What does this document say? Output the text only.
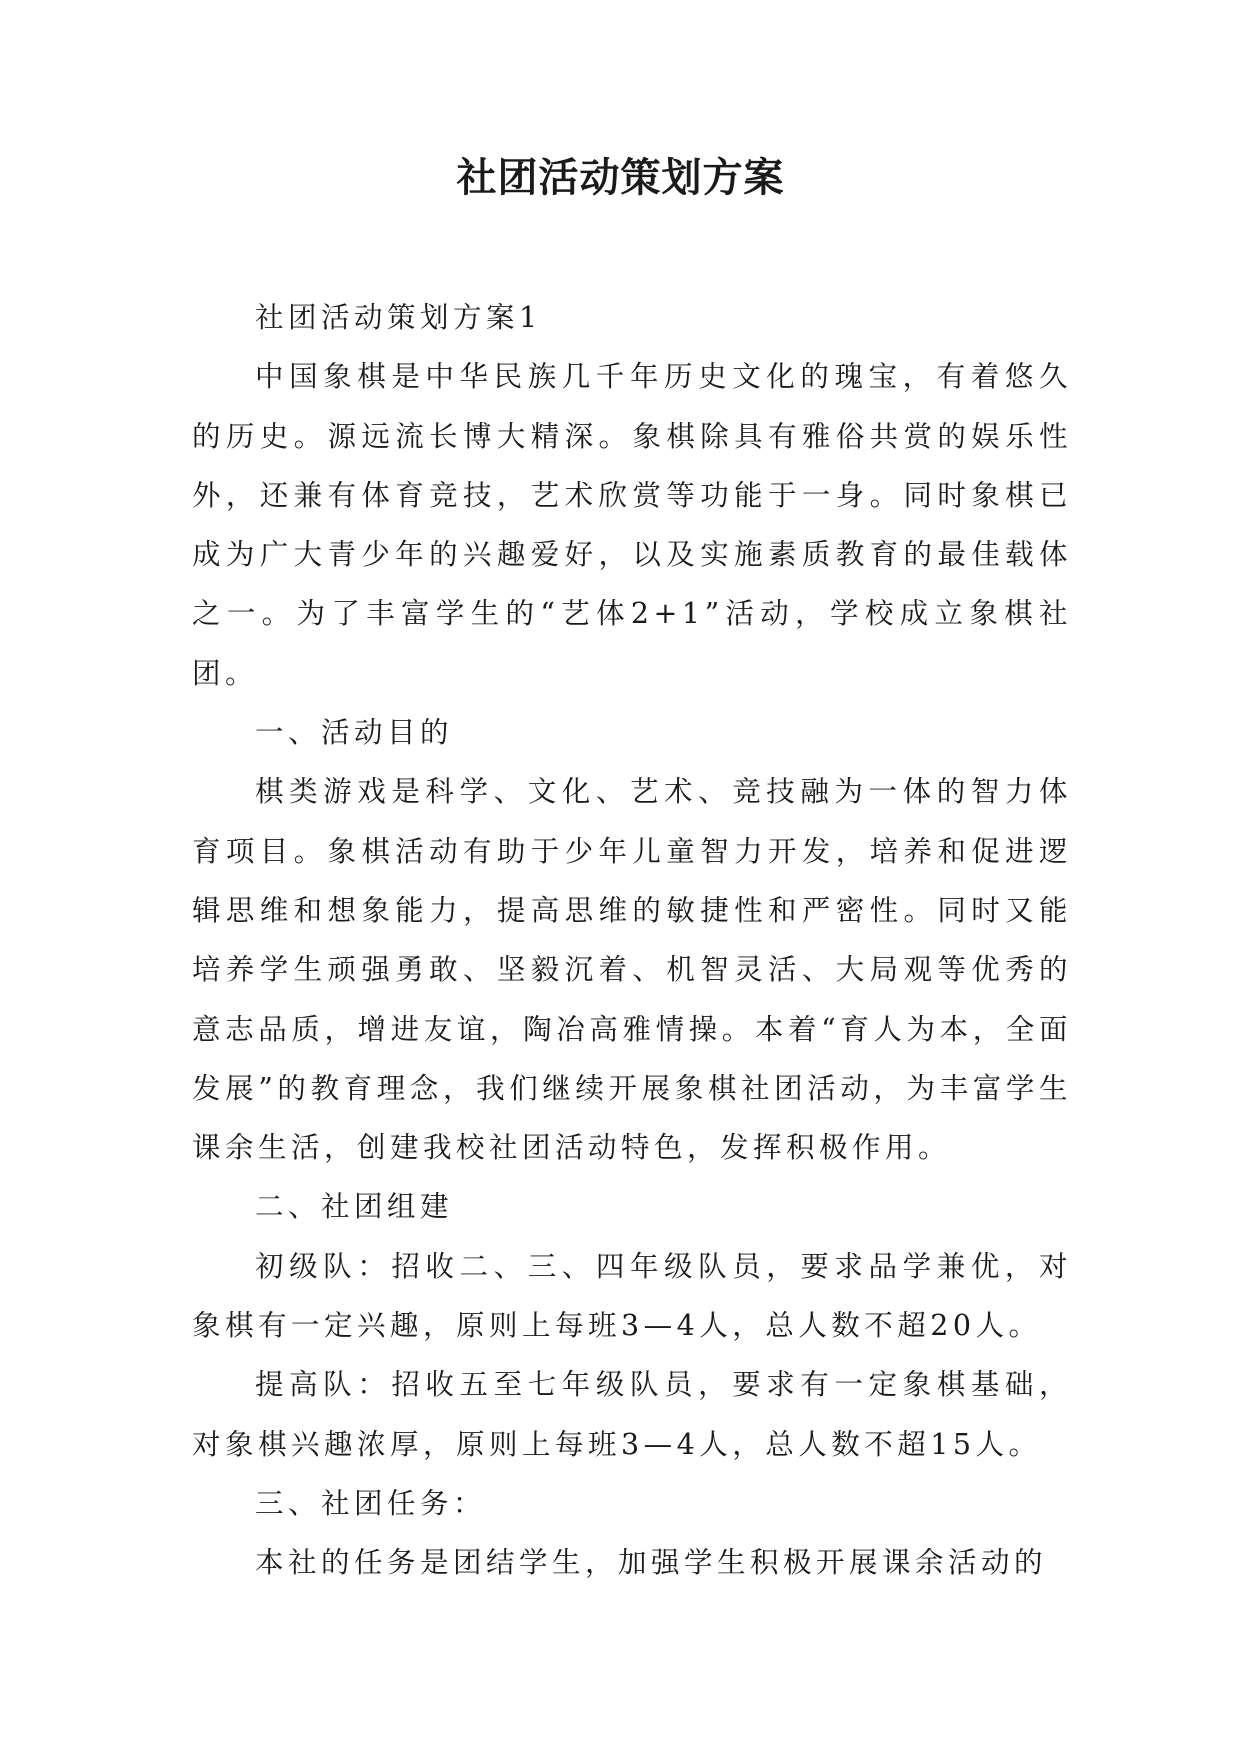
社团活动策划方案

社团活动策划方案1

中国象棋是中华民族几千年历史文化的瑰宝，有着悠久的历史。源远流长博大精深。象棋除具有雅俗共赏的娱乐性外，还兼有体育竞技，艺术欣赏等功能于一身。同时象棋已成为广大青少年的兴趣爱好，以及实施素质教育的最佳载体之一。为了丰富学生的“艺体2+1”活动，学校成立象棋社团。

一、活动目的

棋类游戏是科学、文化、艺术、竞技融为一体的智力体育项目。象棋活动有助于少年儿童智力开发，培养和促进逻辑思维和想象能力，提高思维的敏捷性和严密性。同时又能培养学生顽强勇敢、坚毅沉着、机智灵活、大局观等优秀的意志品质，增进友谊，陶冶高雅情操。本着“育人为本，全面发展”的教育理念，我们继续开展象棋社团活动，为丰富学生课余生活，创建我校社团活动特色，发挥积极作用。

二、社团组建

初级队：招收二、三、四年级队员，要求品学兼优，对象棋有一定兴趣，原则上每班3—4人，总人数不超20人。

提高队：招收五至七年级队员，要求有一定象棋基础，对象棋兴趣浓厚，原则上每班3—4人，总人数不超15人。

三、社团任务：

本社的任务是团结学生，加强学生积极开展课余活动的
